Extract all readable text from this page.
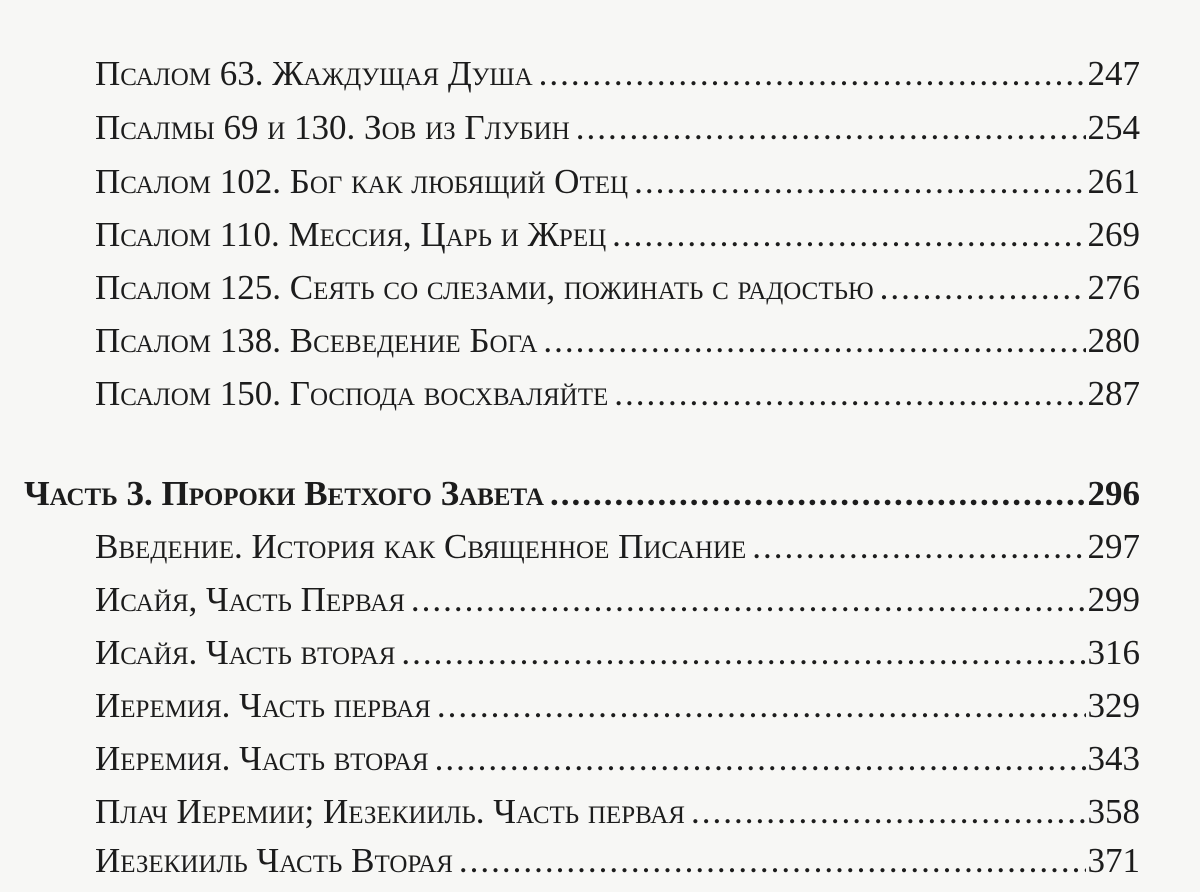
Псалом 63. Жаждущая Душа .....	247
Псалмы 69 и 130. Зов из Глубин .....	254
Псалом 102. Бог как любящий Отец .....	261
Псалом 110. Мессия, Царь и Жрец .....	269
Псалом 125. Сеять со слезами, пожинать с радостью .....	276
Псалом 138. Всеведение Бога .....	280
Псалом 150. Господа восхваляйте .....	287
Часть 3. Пророки Ветхого Завета .....	296
Введение. История как Священное Писание .....	297
Исайя, Часть Первая .....	299
Исайя. Часть вторая .....	316
Иеремия. Часть первая .....	329
Иеремия. Часть вторая .....	343
Плач Иеремии; Иезекииль. Часть первая .....	358
Иезекииль Часть Вторая .....	371
